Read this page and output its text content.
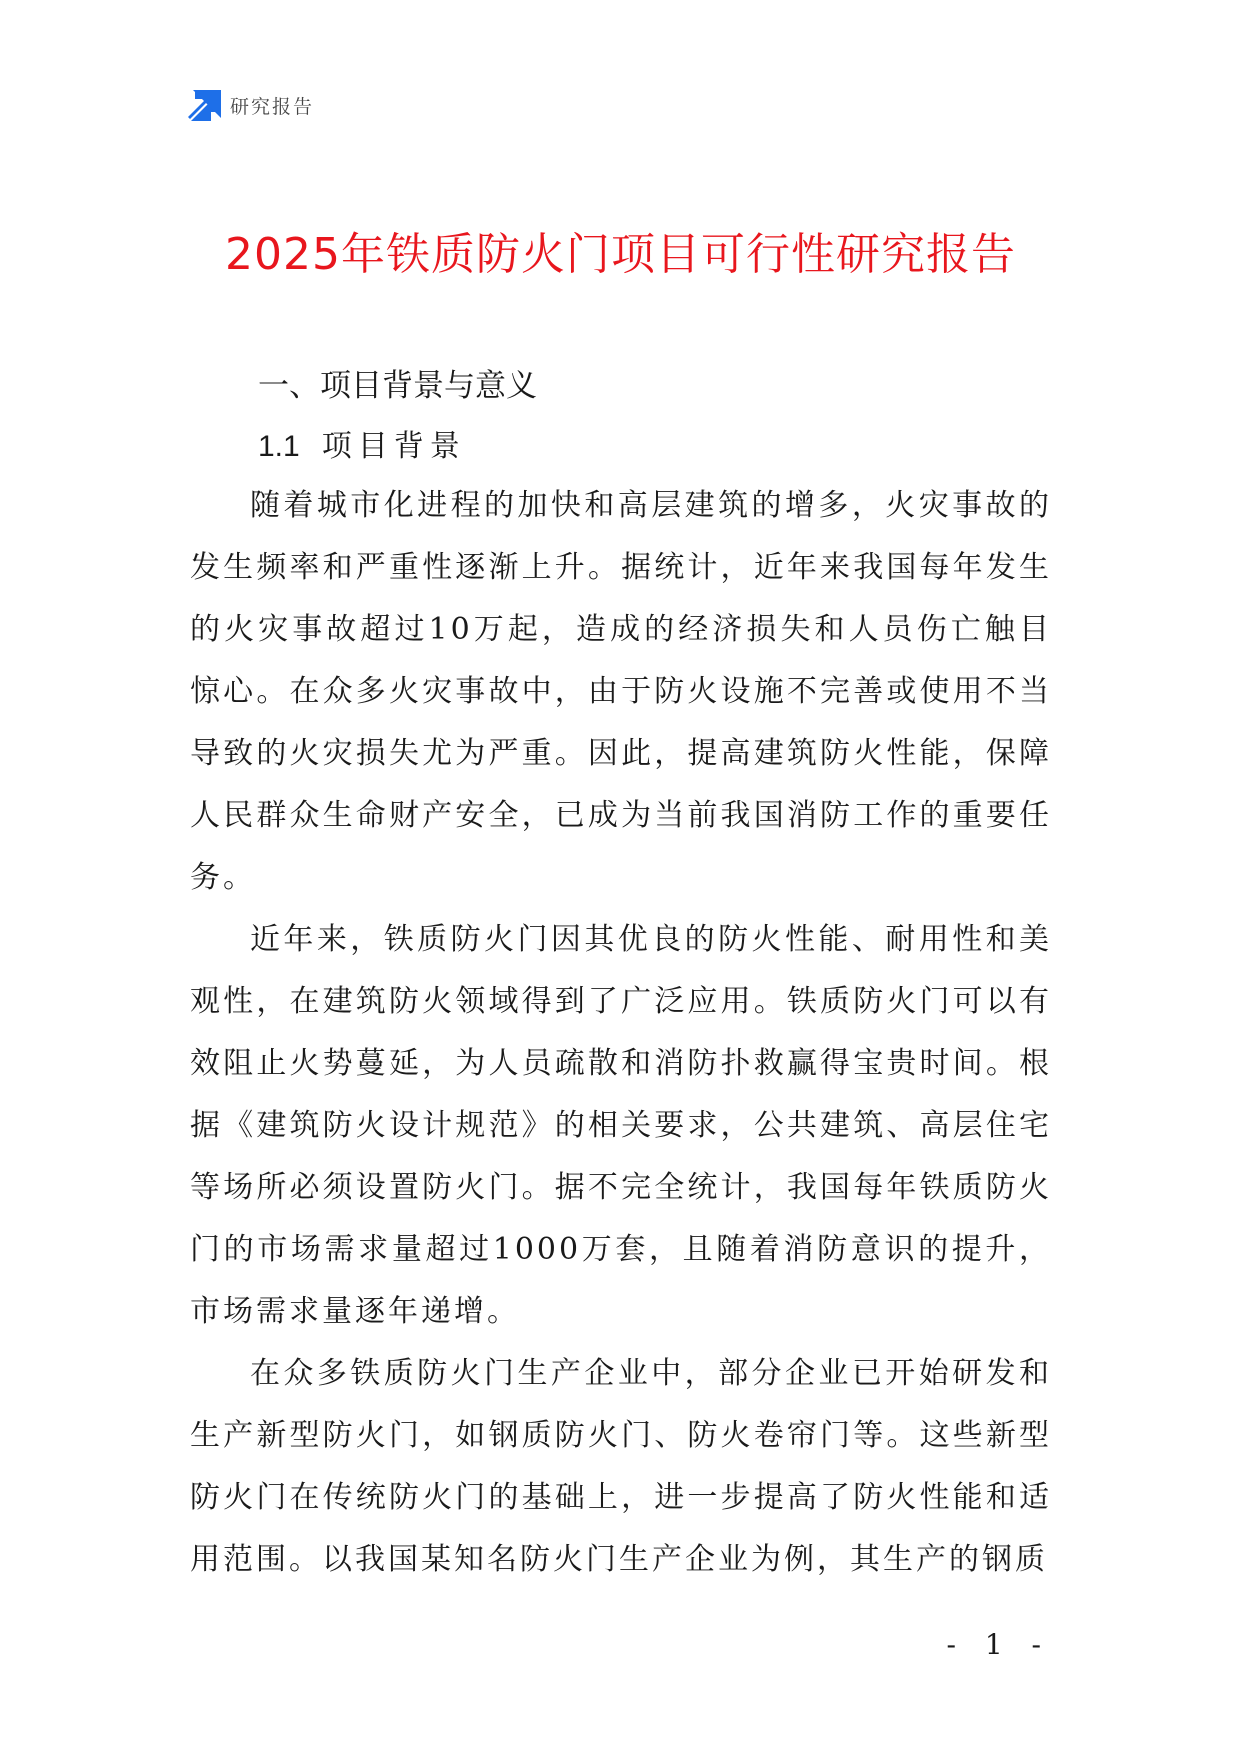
研究报告
2025年铁质防火门项目可行性研究报告
一、项目背景与意义
1.1 项目背景

随着城市化进程的加快和高层建筑的增多，火灾事故的发生频率和严重性逐渐上升。据统计，近年来我国每年发生的火灾事故超过10万起，造成的经济损失和人员伤亡触目惊心。在众多火灾事故中，由于防火设施不完善或使用不当导致的火灾损失尤为严重。因此，提高建筑防火性能，保障人民群众生命财产安全，已成为当前我国消防工作的重要任务。

近年来，铁质防火门因其优良的防火性能、耐用性和美观性，在建筑防火领域得到了广泛应用。铁质防火门可以有效阻止火势蔓延，为人员疏散和消防扑救赢得宝贵时间。根据《建筑防火设计规范》的相关要求，公共建筑、高层住宅等场所必须设置防火门。据不完全统计，我国每年铁质防火门的市场需求量超过1000万套，且随着消防意识的提升，市场需求量逐年递增。

在众多铁质防火门生产企业中，部分企业已开始研发和生产新型防火门，如钢质防火门、防火卷帘门等。这些新型防火门在传统防火门的基础上，进一步提高了防火性能和适用范围。以我国某知名防火门生产企业为例，其生产的钢质

- 1 -
